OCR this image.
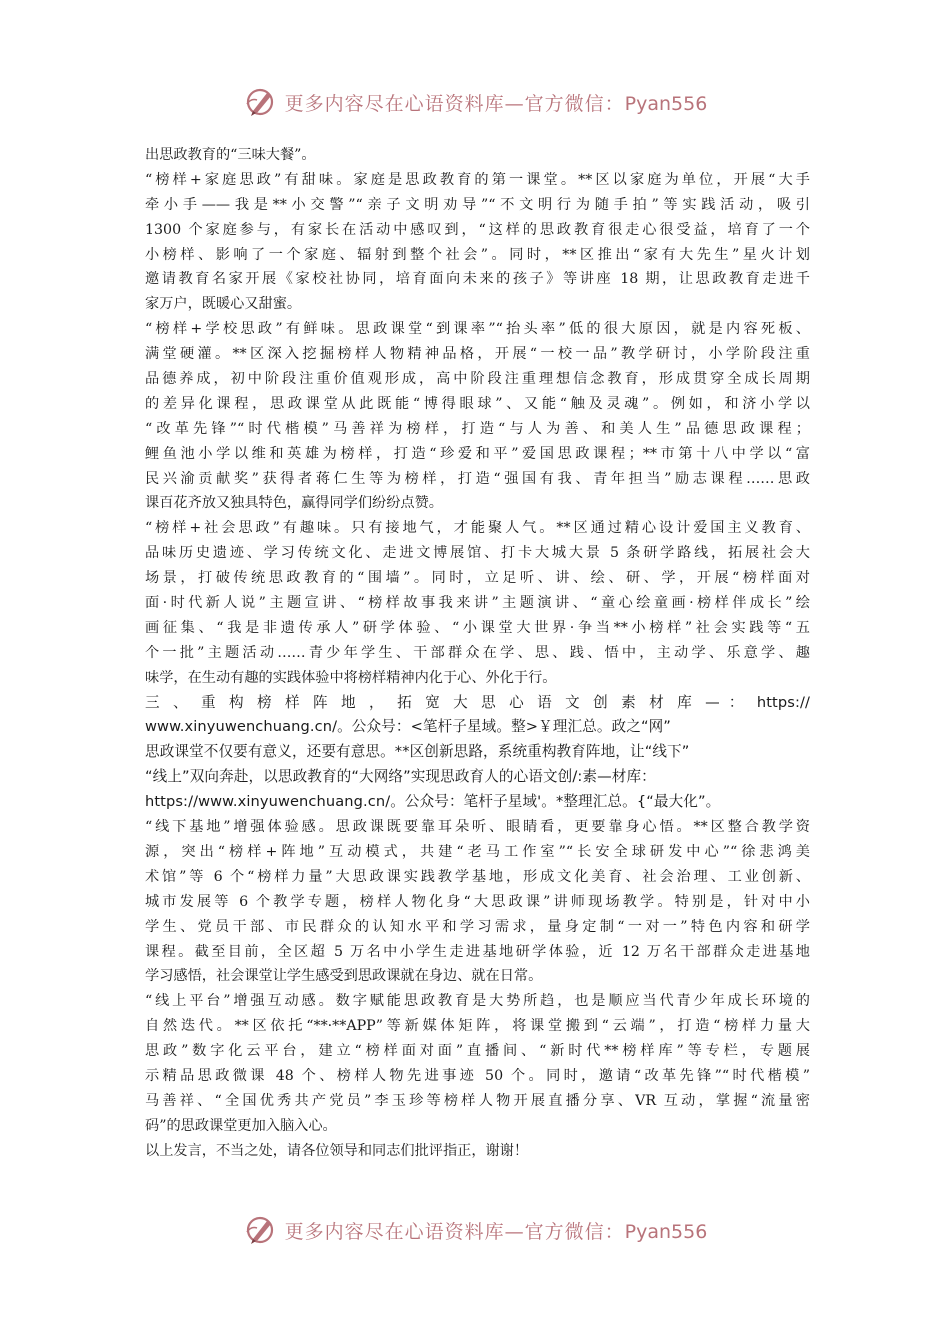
更多内容尽在心语资料库—官方微信：Pyan556
出思政教育的“三味大餐”。
“榜样+家庭思政”有甜味。家庭是思政教育的第一课堂。**区以家庭为单位，开展“大手
牵小手——我是**小交警”“亲子文明劝导”“不文明行为随手拍”等实践活动，吸引
1300 个家庭参与，有家长在活动中感叹到，“这样的思政教育很走心很受益，培育了一个
小榜样、影响了一个家庭、辐射到整个社会”。同时，**区推出“家有大先生”星火计划
邀请教育名家开展《家校社协同，培育面向未来的孩子》等讲座 18 期，让思政教育走进千
家万户，既暖心又甜蜜。
“榜样+学校思政”有鲜味。思政课堂“到课率”“抬头率”低的很大原因，就是内容死板、
满堂硬灌。**区深入挖掘榜样人物精神品格，开展“一校一品”教学研讨，小学阶段注重
品德养成，初中阶段注重价值观形成，高中阶段注重理想信念教育，形成贯穿全成长周期
的差异化课程，思政课堂从此既能“博得眼球”、又能“触及灵魂”。例如，和济小学以
“改革先锋”“时代楷模”马善祥为榜样，打造“与人为善、和美人生”品德思政课程；
鲤鱼池小学以维和英雄为榜样，打造“珍爱和平”爱国思政课程；**市第十八中学以“富
民兴渝贡献奖”获得者蒋仁生等为榜样，打造“强国有我、青年担当”励志课程……思政
课百花齐放又独具特色，赢得同学们纷纷点赞。
“榜样+社会思政”有趣味。只有接地气，才能聚人气。**区通过精心设计爱国主义教育、
品味历史遗迹、学习传统文化、走进文博展馆、打卡大城大景 5 条研学路线，拓展社会大
场景，打破传统思政教育的“围墙”。同时，立足听、讲、绘、研、学，开展“榜样面对
面·时代新人说”主题宣讲、“榜样故事我来讲”主题演讲、“童心绘童画·榜样伴成长”绘
画征集、“我是非遗传承人”研学体验、“小课堂大世界·争当**小榜样”社会实践等“五
个一批”主题活动……青少年学生、干部群众在学、思、践、悟中，主动学、乐意学、趣
味学，在生动有趣的实践体验中将榜样精神内化于心、外化于行。
三 、 重 构 榜 样 阵 地 ， 拓 宽 大 思 心 语 文 创 素 材 库 — ： https://
www.xinyuwenchuang.cn/。公众号：<笔杆子星域。整>￥理汇总。政之“网”
思政课堂不仅要有意义，还要有意思。**区创新思路，系统重构教育阵地，让“线下”
“线上”双向奔赴，以思政教育的“大网络”实现思政育人的心语文创/:素—材库：
https://www.xinyuwenchuang.cn/。公众号：笔杆子星域'。*整理汇总。{“最大化”。
“线下基地”增强体验感。思政课既要靠耳朵听、眼睛看，更要靠身心悟。**区整合教学资
源，突出“榜样+阵地”互动模式，共建“老马工作室”“长安全球研发中心”“徐悲鸿美
术馆”等 6 个“榜样力量”大思政课实践教学基地，形成文化美育、社会治理、工业创新、
城市发展等 6 个教学专题，榜样人物化身“大思政课”讲师现场教学。特别是，针对中小
学生、党员干部、市民群众的认知水平和学习需求，量身定制“一对一”特色内容和研学
课程。截至目前，全区超 5 万名中小学生走进基地研学体验，近 12 万名干部群众走进基地
学习感悟，社会课堂让学生感受到思政课就在身边、就在日常。
“线上平台”增强互动感。数字赋能思政教育是大势所趋，也是顺应当代青少年成长环境的
自然迭代。**区依托“**·**APP”等新媒体矩阵，将课堂搬到“云端”，打造“榜样力量大
思政”数字化云平台，建立“榜样面对面”直播间、“新时代**榜样库”等专栏，专题展
示精品思政微课 48 个、榜样人物先进事迹 50 个。同时，邀请“改革先锋”“时代楷模”
马善祥、“全国优秀共产党员”李玉珍等榜样人物开展直播分享、VR 互动，掌握“流量密
码”的思政课堂更加入脑入心。
以上发言，不当之处，请各位领导和同志们批评指正，谢谢！
更多内容尽在心语资料库—官方微信：Pyan556
